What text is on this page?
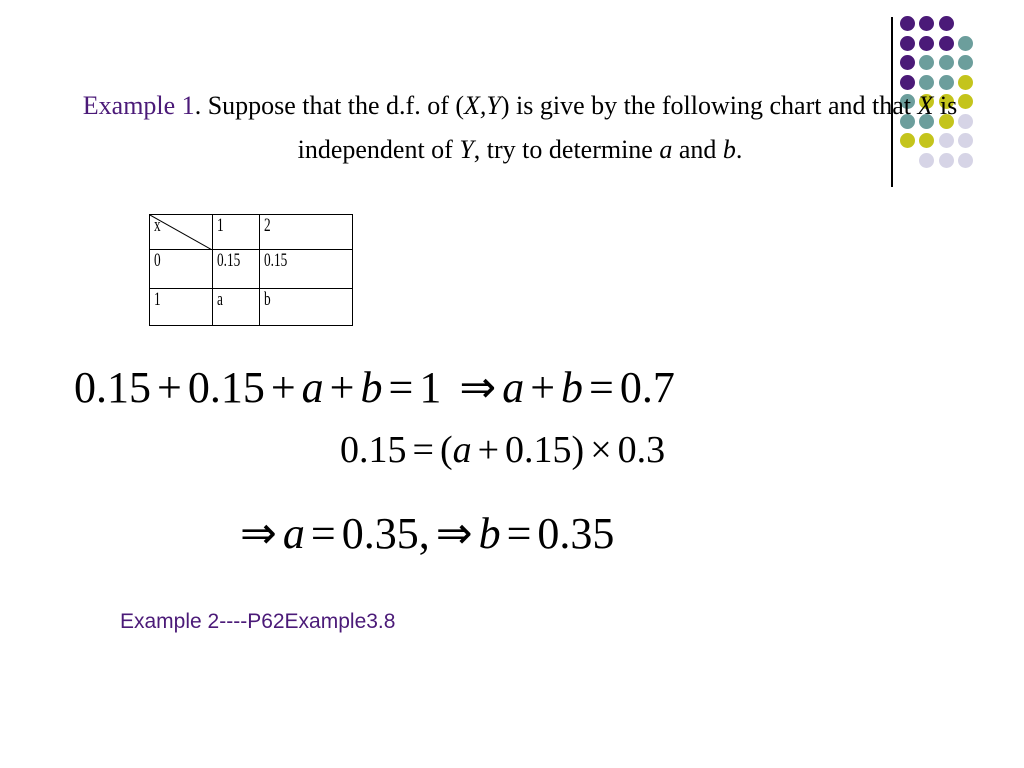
Example 1. Suppose that the d.f. of (X,Y) is give by the following chart and that X is independent of Y, try to determine a and b.
x	1	2
0	0.15	0.15
1	a	b
0.15 + 0.15 + a + b = 1 ⇒ a + b = 0.7
0.15 = (a + 0.15) × 0.3
⇒ a = 0.35, ⇒ b = 0.35
Example 2----P62Example3.8
